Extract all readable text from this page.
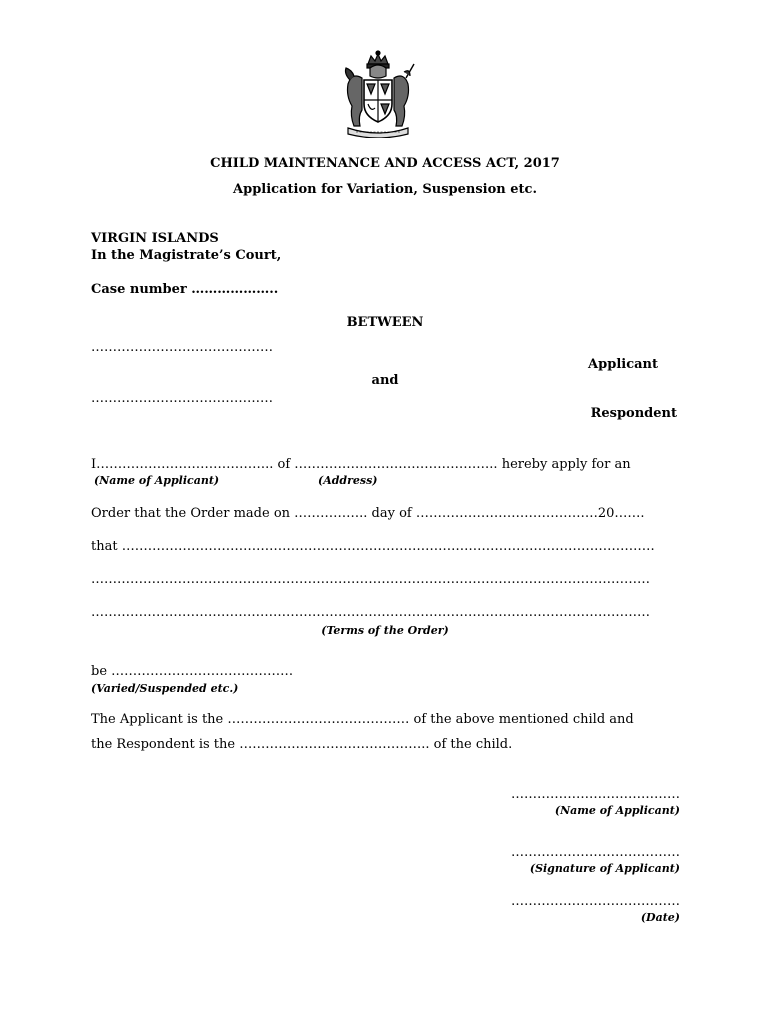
CHILD MAINTENANCE AND ACCESS ACT, 2017
Application for Variation, Suspension etc.
VIRGIN ISLANDS
In the Magistrate’s Court,
Case number ………………..
BETWEEN
……………………………………
Applicant
and
……………………………………
Respondent
I………………………………….. of ……………………………………….. hereby apply for an
(Name of Applicant)	(Address)
Order that the Order made on …………….. day of ……………………………………20…….
that ……………………………………………………………………………………………………………
…………………………………………………………………………………………………………………
…………………………………………………………………………………………………………………
(Terms of the Order)
be ……………………………………
(Varied/Suspended etc.)
The Applicant is the …………………………………… of the above mentioned child and
the Respondent is the …………………………………….. of the child.
…………………………………
(Name of Applicant)
…………………………………
(Signature of Applicant)
…………………………………
(Date)
